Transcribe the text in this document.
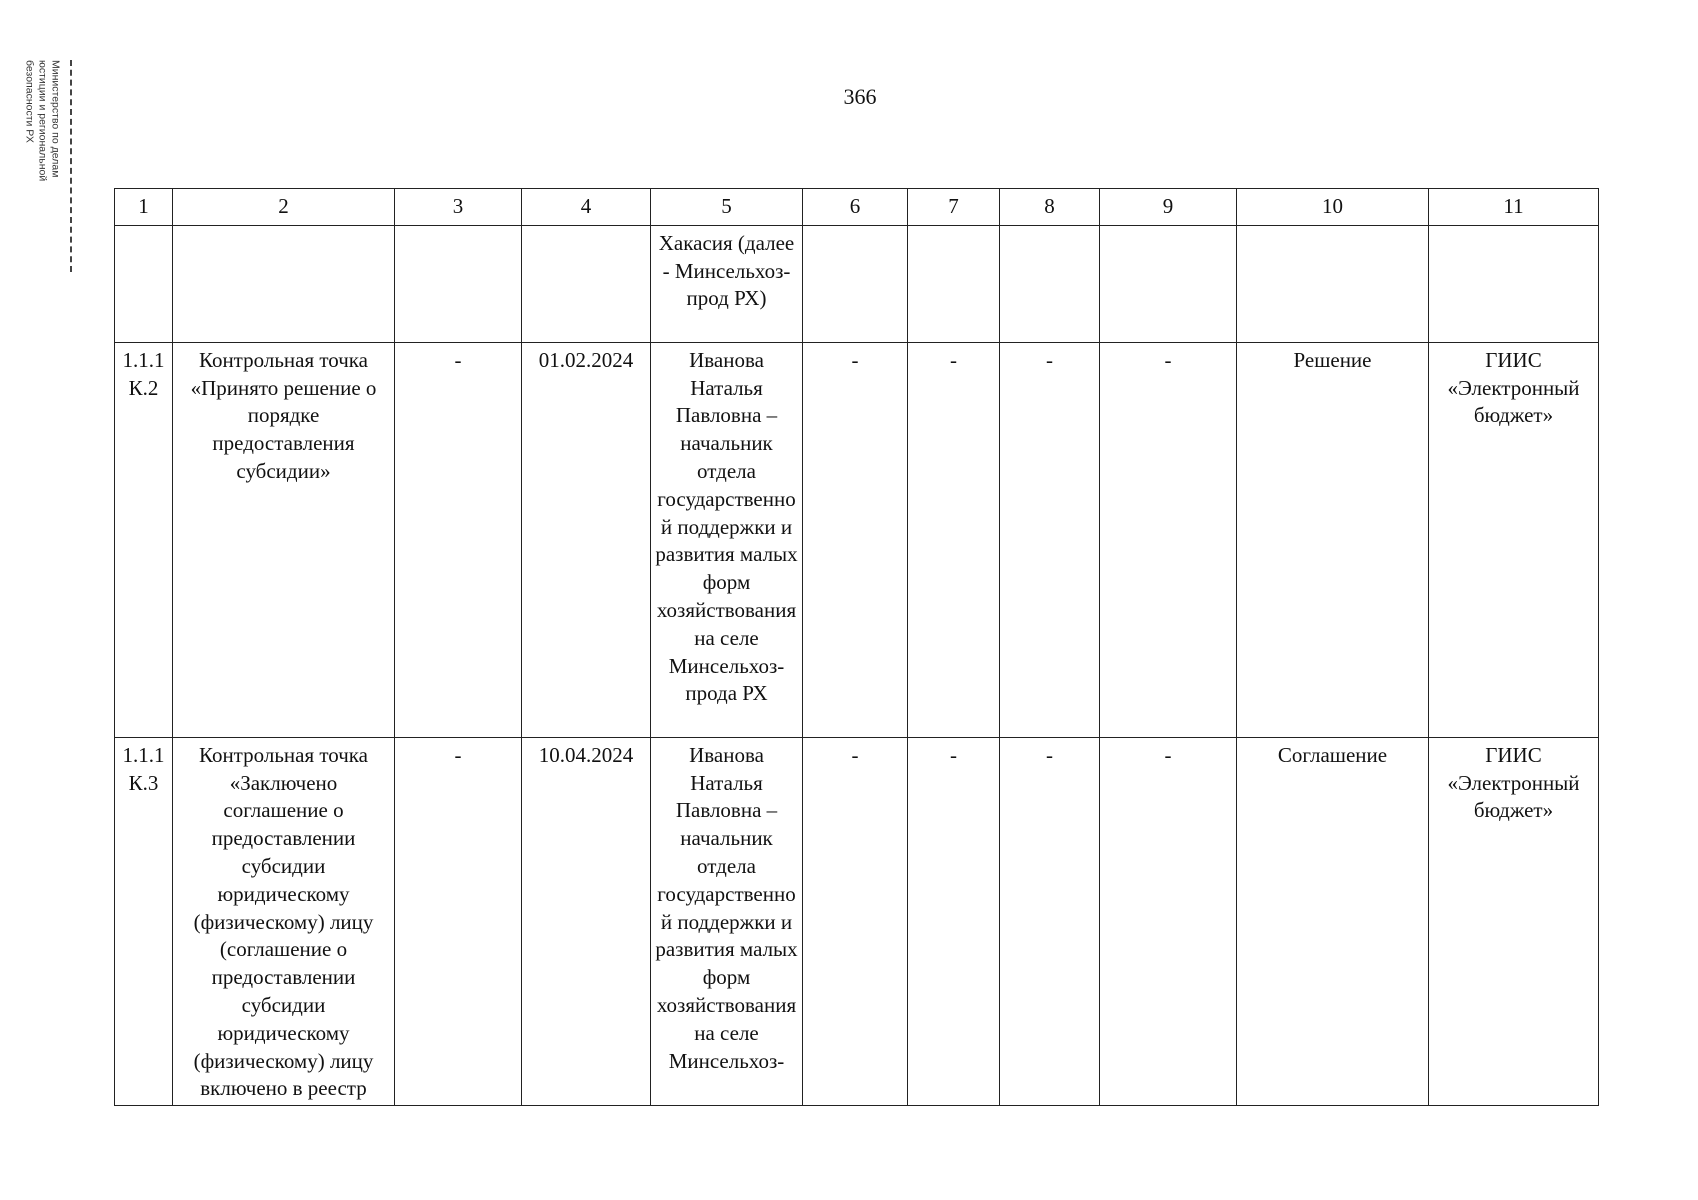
Министерство по делам
юстиции и региональной
безопасности РХ	366
1	2	3	4	5	6	7	8	9	10	11
				Хакасия (далее - Минсельхоз-прод РХ)						
1.1.1 К.2	Контрольная точка «Принято решение о порядке предоставления субсидии»	-	01.02.2024	Иванова Наталья Павловна – начальник отдела государственной поддержки и развития малых форм хозяйствования на селе Минсельхоз-прода РХ	-	-	-	-	Решение	ГИИС «Электронный бюджет»
1.1.1 К.3	Контрольная точка «Заключено соглашение о предоставлении субсидии юридическому (физическому) лицу (соглашение о предоставлении субсидии юридическому (физическому) лицу включено в реестр	-	10.04.2024	Иванова Наталья Павловна – начальник отдела государственной поддержки и развития малых форм хозяйствования на селе Минсельхоз-	-	-	-	-	Соглашение	ГИИС «Электронный бюджет»
